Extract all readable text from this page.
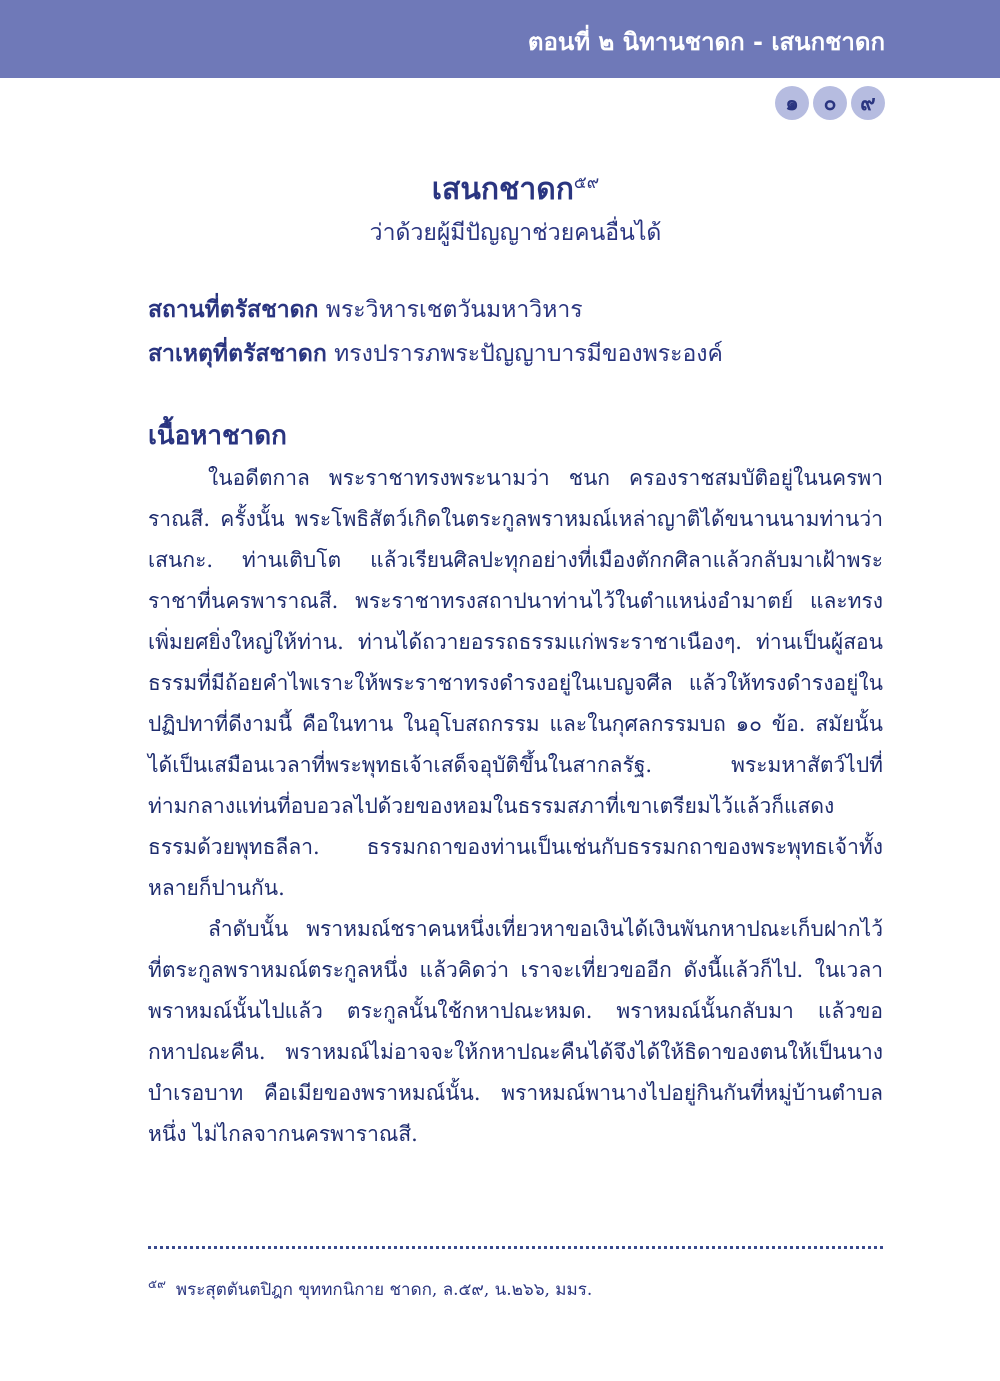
ตอนที่ ๒ นิทานชาดก - เสนกชาดก
๑	๐	๙
เสนกชาดก$^{๕๙}$
ว่าด้วยผู้มีปัญญาช่วยคนอื่นได้
สถานที่ตรัสชาดก พระวิหารเชตวันมหาวิหาร
สาเหตุที่ตรัสชาดก ทรงปรารภพระปัญญาบารมีของพระองค์
เนื้อหาชาดก

ในอดีตกาล พระราชาทรงพระนามว่า ชนก ครองราชสมบัติอยู่ในนครพาราณสี. ครั้งนั้น พระโพธิสัตว์เกิดในตระกูลพราหมณ์เหล่าญาติได้ขนานนามท่านว่า เสนกะ. ท่านเติบโต แล้วเรียนศิลปะทุกอย่างที่เมืองตักกศิลาแล้วกลับมาเฝ้าพระราชาที่นครพาราณสี. พระราชาทรงสถาปนาท่านไว้ในตำแหน่งอำมาตย์ และทรงเพิ่มยศยิ่งใหญ่ให้ท่าน. ท่านได้ถวายอรรถธรรมแก่พระราชาเนืองๆ. ท่านเป็นผู้สอนธรรมที่มีถ้อยคำไพเราะให้พระราชาทรงดำรงอยู่ในเบญจศีล แล้วให้ทรงดำรงอยู่ในปฏิปทาที่ดีงามนี้ คือในทาน ในอุโบสถกรรม และในกุศลกรรมบถ ๑๐ ข้อ. สมัยนั้น ได้เป็นเสมือนเวลาที่พระพุทธเจ้าเสด็จอุบัติขึ้นในสากลรัฐ. พระมหาสัตว์ไปที่ท่ามกลางแท่นที่อบอวลไปด้วยของหอมในธรรมสภาที่เขาเตรียมไว้แล้วก็แสดงธรรมด้วยพุทธลีลา. ธรรมกถาของท่านเป็นเช่นกับธรรมกถาของพระพุทธเจ้าทั้งหลายก็ปานกัน.

ลำดับนั้น พราหมณ์ชราคนหนึ่งเที่ยวหาขอเงินได้เงินพันกหาปณะเก็บฝากไว้ที่ตระกูลพราหมณ์ตระกูลหนึ่ง แล้วคิดว่า เราจะเที่ยวขออีก ดังนี้แล้วก็ไป. ในเวลาพราหมณ์นั้นไปแล้ว ตระกูลนั้นใช้กหาปณะหมด. พราหมณ์นั้นกลับมา แล้วขอกหาปณะคืน. พราหมณ์ไม่อาจจะให้กหาปณะคืนได้จึงได้ให้ธิดาของตนให้เป็นนางบำเรอบาท คือเมียของพราหมณ์นั้น. พราหมณ์พานางไปอยู่กินกันที่หมู่บ้านตำบลหนึ่ง ไม่ไกลจากนครพาราณสี.

$^{๕๙}$ พระสุตตันตปิฎก ขุททกนิกาย ชาดก, ล.๕๙, น.๒๖๖, มมร.
